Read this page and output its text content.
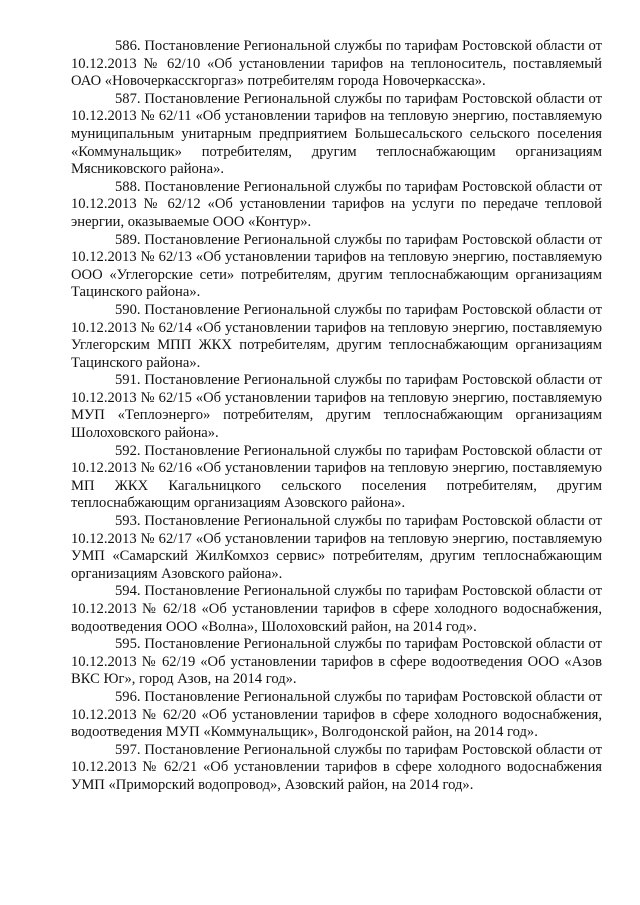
586. Постановление Региональной службы по тарифам Ростовской области от 10.12.2013 № 62/10 «Об установлении тарифов на теплоноситель, поставляемый ОАО «Новочеркасскгоргаз» потребителям города Новочеркасска».

587. Постановление Региональной службы по тарифам Ростовской области от 10.12.2013 № 62/11 «Об установлении тарифов на тепловую энергию, поставляемую муниципальным унитарным предприятием Большесальского сельского поселения «Коммунальщик» потребителям, другим теплоснабжающим организациям Мясниковского района».

588. Постановление Региональной службы по тарифам Ростовской области от 10.12.2013 № 62/12 «Об установлении тарифов на услуги по передаче тепловой энергии, оказываемые ООО «Контур».

589. Постановление Региональной службы по тарифам Ростовской области от 10.12.2013 № 62/13 «Об установлении тарифов на тепловую энергию, поставляемую ООО «Углегорские сети» потребителям, другим теплоснабжающим организациям Тацинского района».

590. Постановление Региональной службы по тарифам Ростовской области от 10.12.2013 № 62/14 «Об установлении тарифов на тепловую энергию, поставляемую Углегорским МПП ЖКХ потребителям, другим теплоснабжающим организациям Тацинского района».

591. Постановление Региональной службы по тарифам Ростовской области от 10.12.2013 № 62/15 «Об установлении тарифов на тепловую энергию, поставляемую МУП «Теплоэнерго» потребителям, другим теплоснабжающим организациям Шолоховского района».

592. Постановление Региональной службы по тарифам Ростовской области от 10.12.2013 № 62/16 «Об установлении тарифов на тепловую энергию, поставляемую МП ЖКХ Кагальницкого сельского поселения потребителям, другим теплоснабжающим организациям Азовского района».

593. Постановление Региональной службы по тарифам Ростовской области от 10.12.2013 № 62/17 «Об установлении тарифов на тепловую энергию, поставляемую УМП «Самарский ЖилКомхоз сервис» потребителям, другим теплоснабжающим организациям Азовского района».

594. Постановление Региональной службы по тарифам Ростовской области от 10.12.2013 № 62/18 «Об установлении тарифов в сфере холодного водоснабжения, водоотведения ООО «Волна», Шолоховский район, на 2014 год».

595. Постановление Региональной службы по тарифам Ростовской области от 10.12.2013 № 62/19 «Об установлении тарифов в сфере водоотведения ООО «Азов ВКС Юг», город Азов, на 2014 год».

596. Постановление Региональной службы по тарифам Ростовской области от 10.12.2013 № 62/20 «Об установлении тарифов в сфере холодного водоснабжения, водоотведения МУП «Коммунальщик», Волгодонской район, на 2014 год».

597. Постановление Региональной службы по тарифам Ростовской области от 10.12.2013 № 62/21 «Об установлении тарифов в сфере холодного водоснабжения УМП «Приморский водопровод», Азовский район, на 2014 год».
